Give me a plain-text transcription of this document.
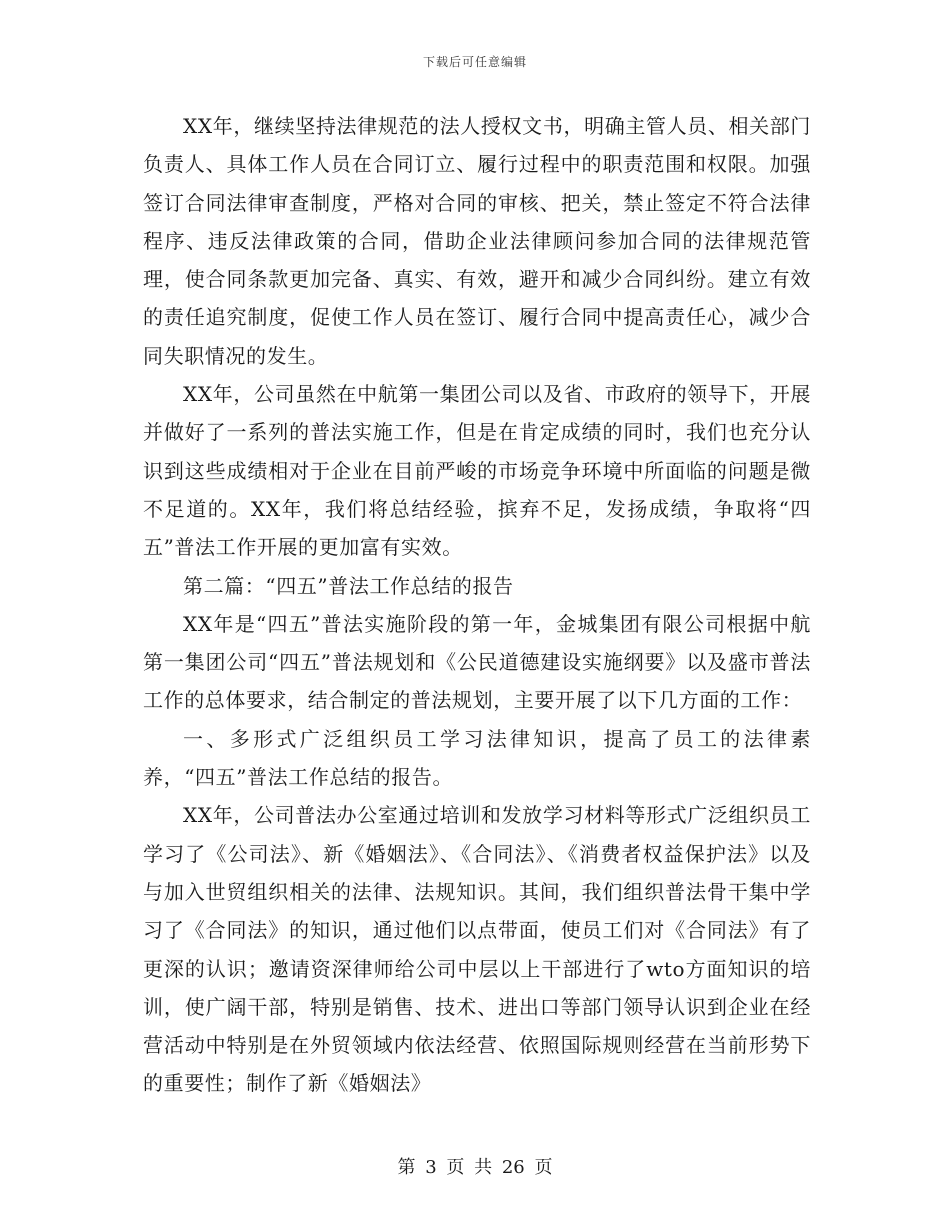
下载后可任意编辑

XX年，继续坚持法律规范的法人授权文书，明确主管人员、相关部门负责人、具体工作人员在合同订立、履行过程中的职责范围和权限。加强签订合同法律审查制度，严格对合同的审核、把关，禁止签定不符合法律程序、违反法律政策的合同，借助企业法律顾问参加合同的法律规范管理，使合同条款更加完备、真实、有效，避开和减少合同纠纷。建立有效的责任追究制度，促使工作人员在签订、履行合同中提高责任心，减少合同失职情况的发生。

XX年，公司虽然在中航第一集团公司以及省、市政府的领导下，开展并做好了一系列的普法实施工作，但是在肯定成绩的同时，我们也充分认识到这些成绩相对于企业在目前严峻的市场竞争环境中所面临的问题是微不足道的。XX年，我们将总结经验，摈弃不足，发扬成绩，争取将“四五”普法工作开展的更加富有实效。

第二篇：“四五”普法工作总结的报告

XX年是“四五”普法实施阶段的第一年，金城集团有限公司根据中航第一集团公司“四五”普法规划和《公民道德建设实施纲要》以及盛市普法工作的总体要求，结合制定的普法规划，主要开展了以下几方面的工作：

一、多形式广泛组织员工学习法律知识，提高了员工的法律素养，“四五”普法工作总结的报告。

XX年，公司普法办公室通过培训和发放学习材料等形式广泛组织员工学习了《公司法》、新《婚姻法》、《合同法》、《消费者权益保护法》以及与加入世贸组织相关的法律、法规知识。其间，我们组织普法骨干集中学习了《合同法》的知识，通过他们以点带面，使员工们对《合同法》有了更深的认识；邀请资深律师给公司中层以上干部进行了wto方面知识的培训，使广阔干部，特别是销售、技术、进出口等部门领导认识到企业在经营活动中特别是在外贸领域内依法经营、依照国际规则经营在当前形势下的重要性；制作了新《婚姻法》

第 3 页 共 26 页
